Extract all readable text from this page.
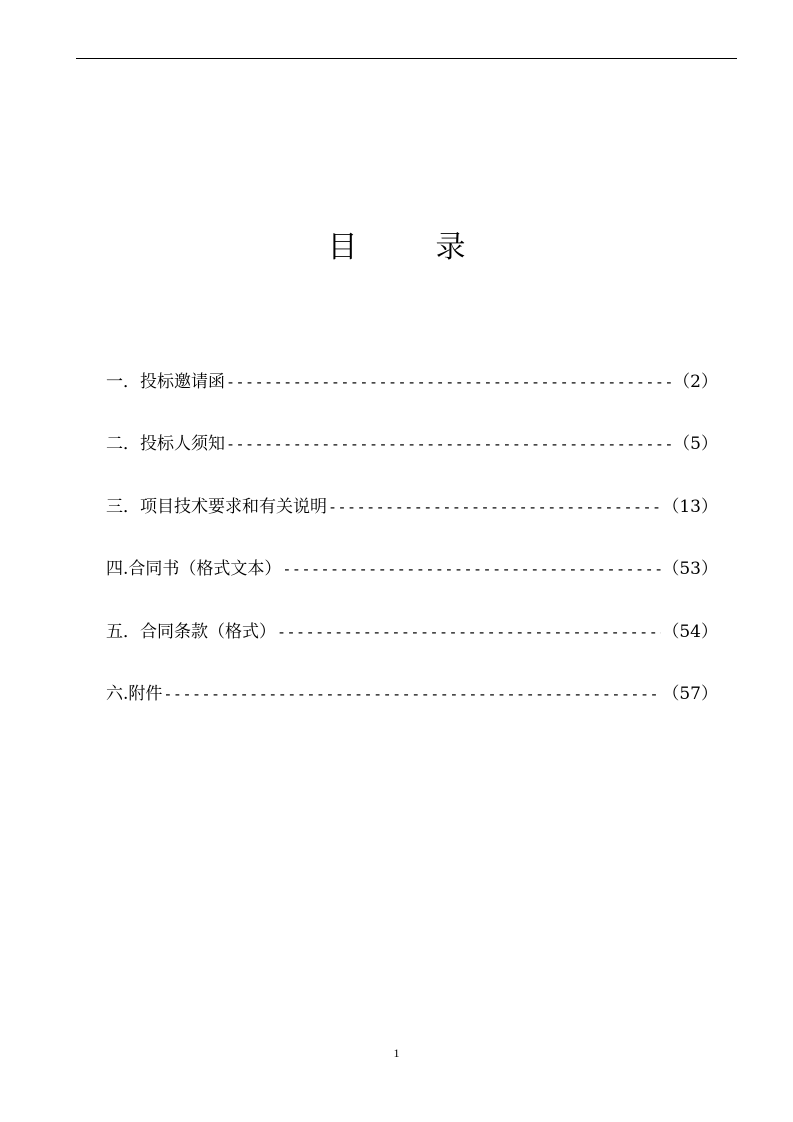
目	录
一． 投标邀请函 -----	（2）
二． 投标人须知 -----	（5）
三． 项目技术要求和有关说明 -----	（13）
四. 合同书（格式文本） -----	（53）
五． 合同条款（格式） -----	（54）
六. 附件 -----	（57）
1
